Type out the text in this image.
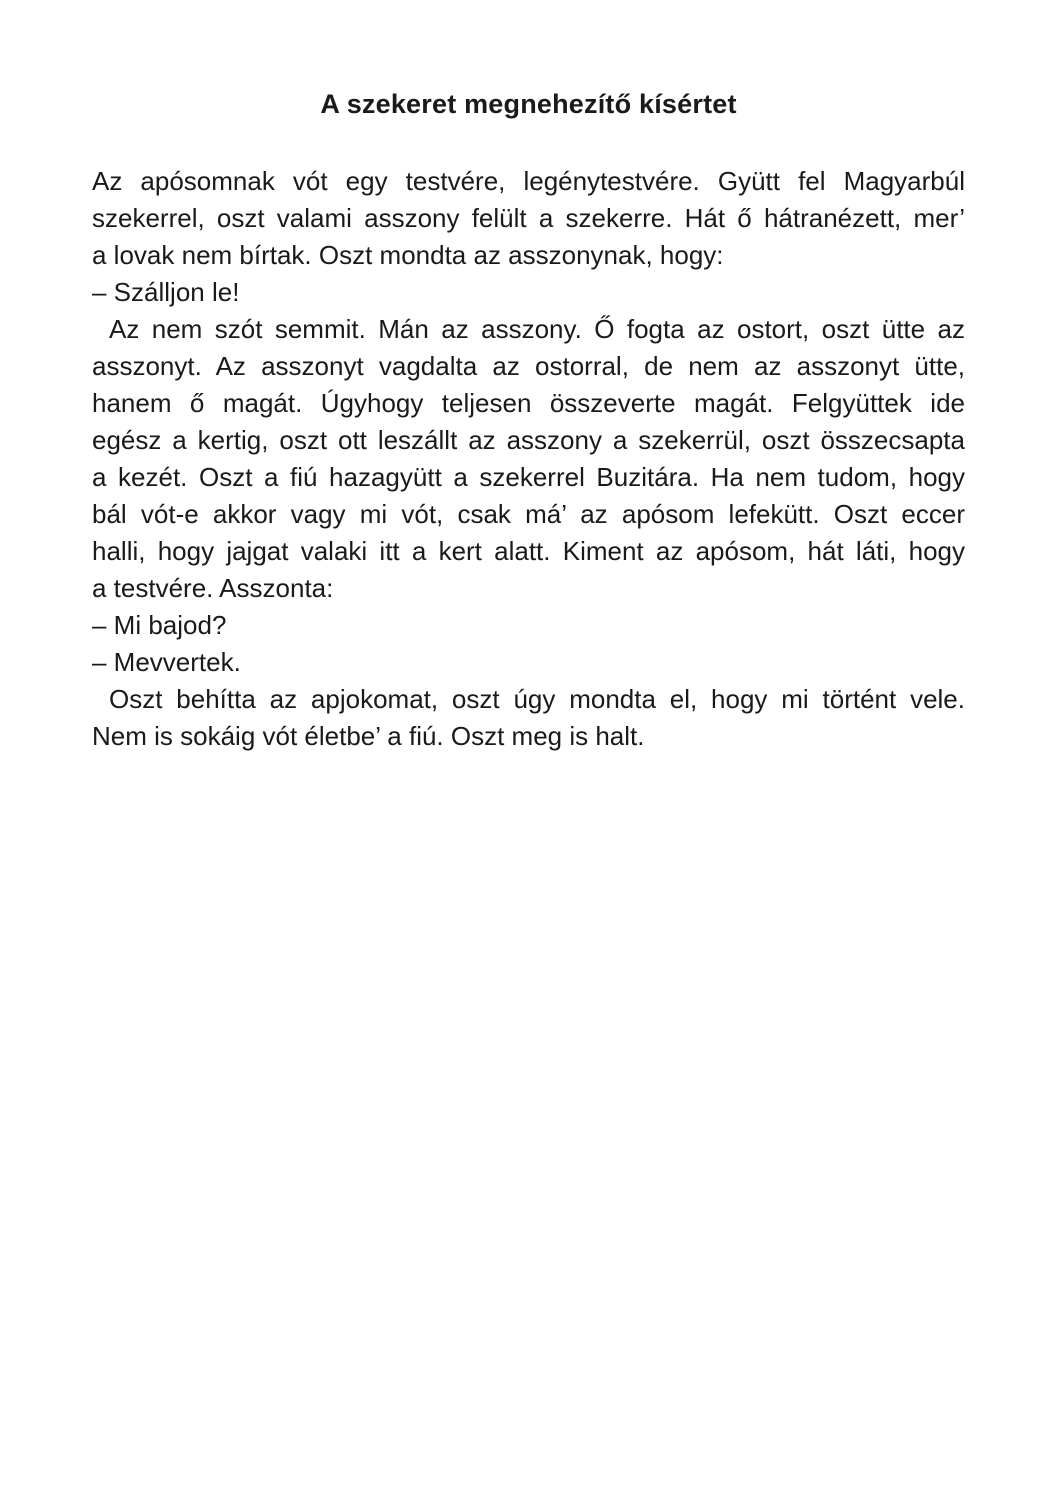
A szekeret megnehezítő kísértet
Az apósomnak vót egy testvére, legénytestvére. Gyütt fel Magyarbúl
szekerrel, oszt valami asszony felült a szekerre. Hát ő hátranézett, mer’
a lovak nem bírtak. Oszt mondta az asszonynak, hogy:
– Szálljon le!
Az nem szót semmit. Mán az asszony. Ő fogta az ostort, oszt ütte az
asszonyt. Az asszonyt vagdalta az ostorral, de nem az asszonyt ütte,
hanem ő magát. Úgyhogy teljesen összeverte magát. Felgyüttek ide
egész a kertig, oszt ott leszállt az asszony a szekerrül, oszt összecsapta
a kezét. Oszt a fiú hazagyütt a szekerrel Buzitára. Ha nem tudom, hogy
bál vót-e akkor vagy mi vót, csak má’ az apósom lefekütt. Oszt eccer
halli, hogy jajgat valaki itt a kert alatt. Kiment az apósom, hát láti, hogy
a testvére. Asszonta:
– Mi bajod?
– Mevvertek.
Oszt behítta az apjokomat, oszt úgy mondta el, hogy mi történt vele.
Nem is sokáig vót életbe’ a fiú. Oszt meg is halt.
